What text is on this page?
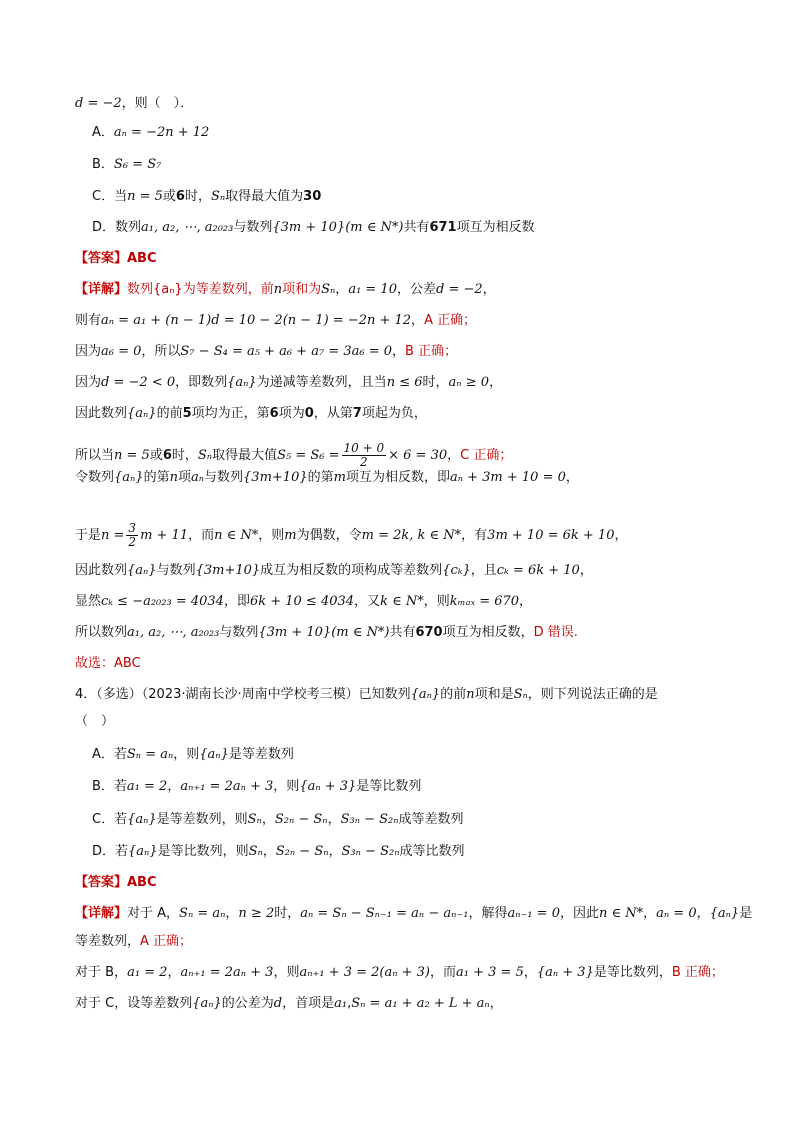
d = −2，则（　）．
A．aₙ = −2n + 12
B．S₆ = S₇
C．当n = 5或6时，Sₙ取得最大值为30
D．数列a₁, a₂, ⋯, a₂₀₂₃与数列{3m + 10}(m ∈ N*)共有671项互为相反数
【答案】ABC
【详解】数列{aₙ}为等差数列，前n项和为Sₙ，a₁ = 10，公差d = −2，
则有aₙ = a₁ + (n − 1)d = 10 − 2(n − 1) = −2n + 12，A 正确；
因为a₆ = 0，所以S₇ − S₄ = a₅ + a₆ + a₇ = 3a₆ = 0，B 正确；
因为d = −2 < 0，即数列{aₙ}为递减等差数列，且当n ≤ 6时，aₙ ≥ 0，
因此数列{aₙ}的前5项均为正，第6项为0，从第7项起为负，
令数列{aₙ}的第n项aₙ与数列{3m+10}的第m项互为相反数，即aₙ + 3m + 10 = 0，
因此数列{aₙ}与数列{3m+10}成互为相反数的项构成等差数列{cₖ}，且cₖ = 6k + 10，
显然cₖ ≤ −a₂₀₂₃ = 4034，即6k + 10 ≤ 4034，又k ∈ N*，则kₘₐₓ = 670，
所以数列a₁, a₂, ⋯, a₂₀₂₃与数列{3m + 10}(m ∈ N*)共有670项互为相反数，D 错误.
故选：ABC
4．（多选）（2023·湖南长沙·周南中学校考三模）已知数列{aₙ}的前n项和是Sₙ，则下列说法正确的是
（　）
A．若Sₙ = aₙ，则{aₙ}是等差数列
B．若a₁ = 2，aₙ₊₁ = 2aₙ + 3，则{aₙ + 3}是等比数列
C．若{aₙ}是等差数列，则Sₙ，S₂ₙ − Sₙ，S₃ₙ − S₂ₙ成等差数列
D．若{aₙ}是等比数列，则Sₙ，S₂ₙ − Sₙ，S₃ₙ − S₂ₙ成等比数列
【答案】ABC
【详解】对于 A，Sₙ = aₙ，n ≥ 2时，aₙ = Sₙ − Sₙ₋₁ = aₙ − aₙ₋₁，解得aₙ₋₁ = 0，因此n ∈ N*，aₙ = 0，{aₙ}是
等差数列，A 正确；
对于 B，a₁ = 2，aₙ₊₁ = 2aₙ + 3，则aₙ₊₁ + 3 = 2(aₙ + 3)，而a₁ + 3 = 5，{aₙ + 3}是等比数列，B 正确；
对于 C，设等差数列{aₙ}的公差为d，首项是a₁,Sₙ = a₁ + a₂ + L + aₙ，
所以当n = 5或6时，Sₙ取得最大值$S_5 = S_6 = \frac{10 + 0}{2} \times 6 = 30$，C 正确；
于是$n = \frac{3}{2}$ m + 11，而n ∈ N*，则m为偶数，令m = 2k, k ∈ N*，有3m + 10 = 6k + 10，
